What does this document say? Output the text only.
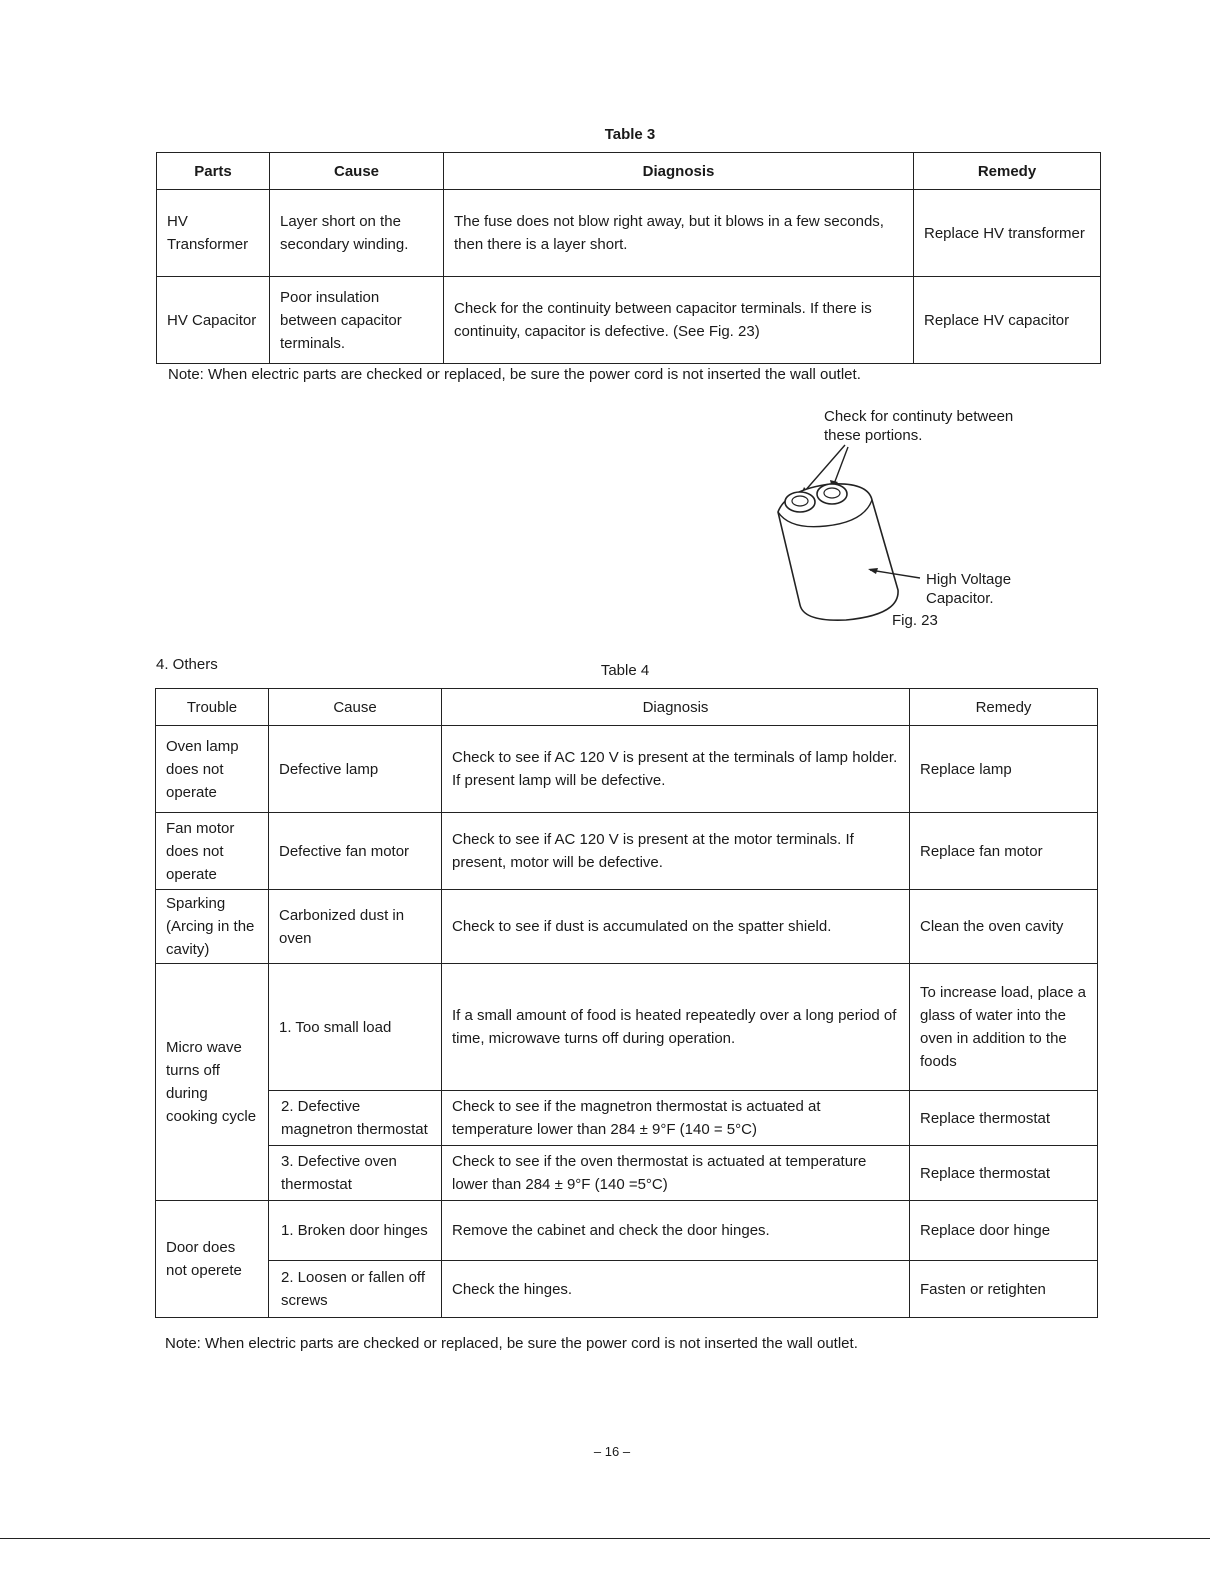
Table 3
Parts	Cause	Diagnosis	Remedy
HV Transformer	Layer short on the secondary winding.	The fuse does not blow right away, but it blows in a few seconds, then there is a layer short.	Replace HV transformer
HV Capacitor	Poor insulation between capacitor terminals.	Check for the continuity between capacitor terminals. If there is continuity, capacitor is defective. (See Fig. 23)	Replace HV capacitor
Note: When electric parts are checked or replaced, be sure the power cord is not inserted the wall outlet.
Check for continuty between these portions.
High Voltage Capacitor.
Fig. 23
4. Others	Table 4
Trouble	Cause	Diagnosis	Remedy
Oven lamp does not operate	Defective lamp	Check to see if AC 120 V is present at the terminals of lamp holder. If present lamp will be defective.	Replace lamp
Fan motor does not operate	Defective fan motor	Check to see if AC 120 V is present at the motor terminals. If present, motor will be defective.	Replace fan motor
Sparking (Arcing in the cavity)	Carbonized dust in oven	Check to see if dust is accumulated on the spatter shield.	Clean the oven cavity
Micro wave turns off during cooking cycle	1. Too small load	If a small amount of food is heated repeatedly over a long period of time, microwave turns off during operation.	To increase load, place a glass of water into the oven in addition to the foods
	2. Defective magnetron thermostat	Check to see if the magnetron thermostat is actuated at temperature lower than 284 ± 9°F (140 = 5°C)	Replace thermostat
	3. Defective oven thermostat	Check to see if the oven thermostat is actuated at temperature lower than 284 ± 9°F (140 =5°C)	Replace thermostat
Door does not operete	1. Broken door hinges	Remove the cabinet and check the door hinges.	Replace door hinge
	2. Loosen or fallen off screws	Check the hinges.	Fasten or retighten
Note: When electric parts are checked or replaced, be sure the power cord is not inserted the wall outlet.
– 16 –
